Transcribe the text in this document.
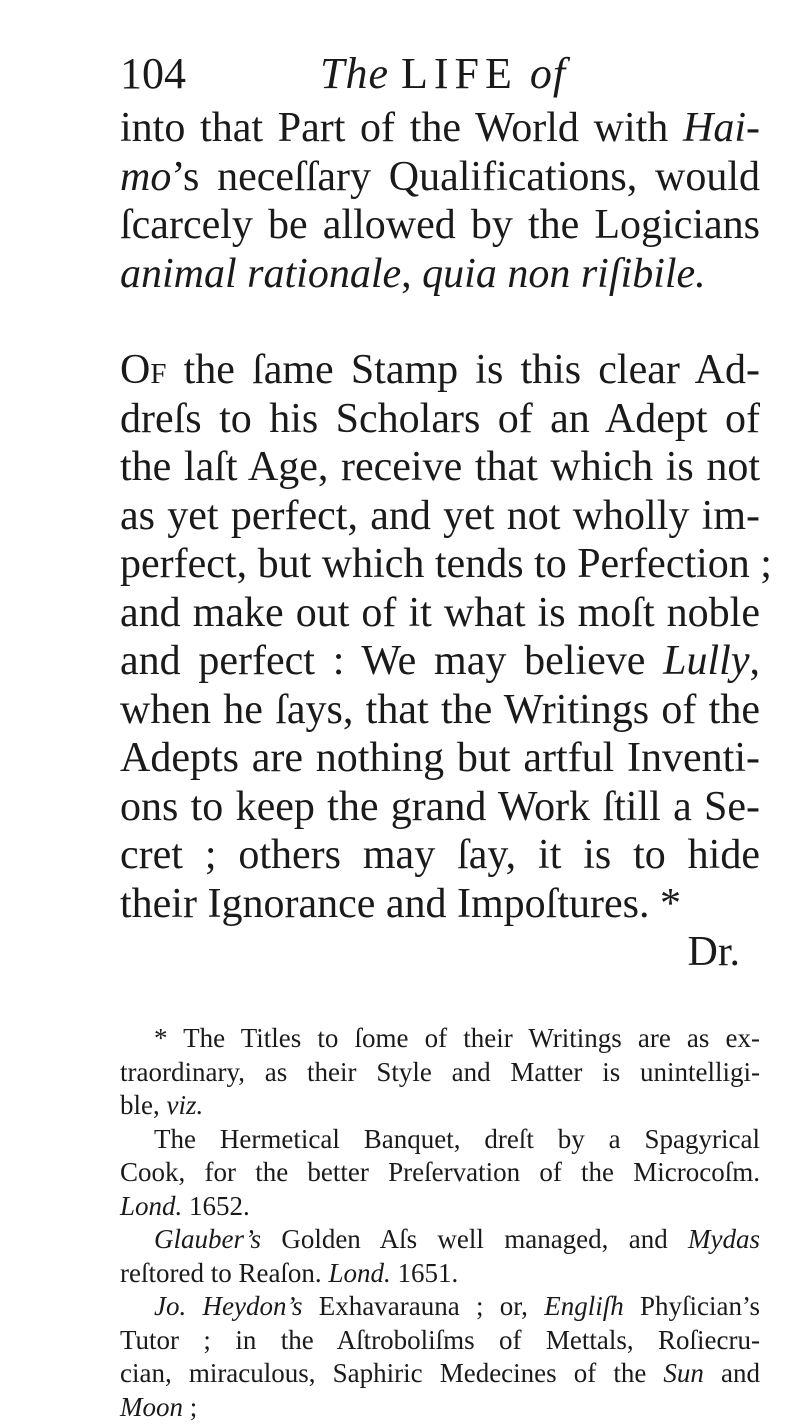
104	The LIFE of
into that Part of the World with Hai-
mo’s neceſſary Qualifications, would
ſcarcely be allowed by the Logicians
animal rationale, quia non riſibile.
Of the ſame Stamp is this clear Ad-
dreſs to his Scholars of an Adept of
the laſt Age, receive that which is not
as yet perfect, and yet not wholly im-
perfect, but which tends to Perfection ;
and make out of it what is moſt noble
and perfect : We may believe Lully,
when he ſays, that the Writings of the
Adepts are nothing but artful Inventi-
ons to keep the grand Work ſtill a Se-
cret ; others may ſay, it is to hide
their Ignorance and Impoſtures. *
Dr.
* The Titles to ſome of their Writings are as ex-
traordinary, as their Style and Matter is unintelligi-
ble, viz.
The Hermetical Banquet, dreſt by a Spagyrical
Cook, for the better Preſervation of the Microcoſm.
Lond. 1652.
Glauber’s Golden Aſs well managed, and Mydas
reſtored to Reaſon. Lond. 1651.
Jo. Heydon’s Exhavarauna ; or, Engliſh Phyſician’s
Tutor ; in the Aſtroboliſms of Mettals, Roſiecru-
cian, miraculous, Saphiric Medecines of the Sun and
Moon ;
